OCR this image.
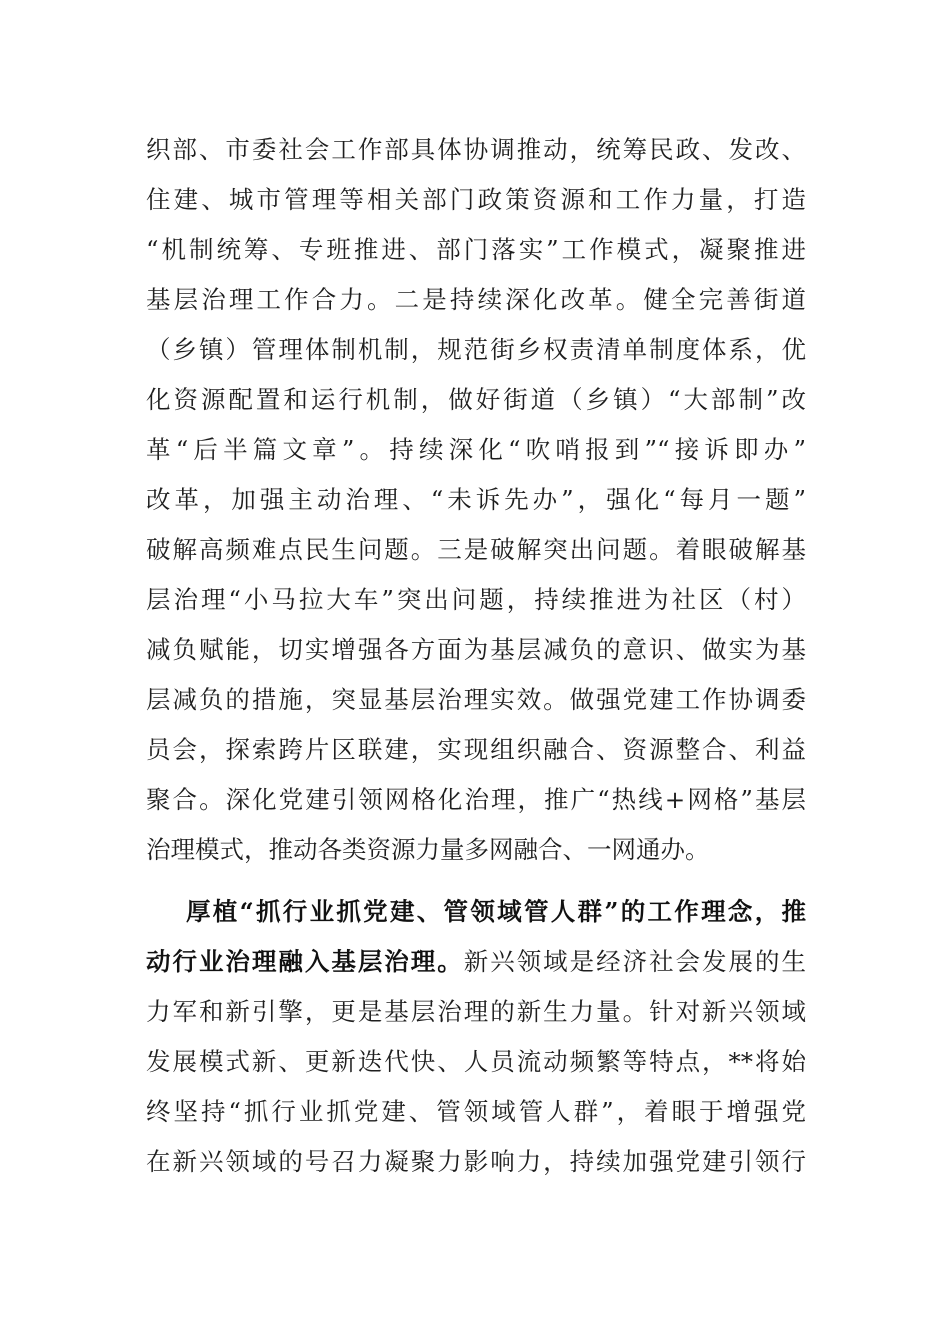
织部、市委社会工作部具体协调推动，统筹民政、发改、
住建、城市管理等相关部门政策资源和工作力量，打造
“机制统筹、专班推进、部门落实”工作模式，凝聚推进
基层治理工作合力。二是持续深化改革。健全完善街道
（乡镇）管理体制机制，规范街乡权责清单制度体系，优
化资源配置和运行机制，做好街道（乡镇）“大部制”改
革“后半篇文章”。持续深化“吹哨报到”“接诉即办”
改革，加强主动治理、“未诉先办”，强化“每月一题”
破解高频难点民生问题。三是破解突出问题。着眼破解基
层治理“小马拉大车”突出问题，持续推进为社区（村）
减负赋能，切实增强各方面为基层减负的意识、做实为基
层减负的措施，突显基层治理实效。做强党建工作协调委
员会，探索跨片区联建，实现组织融合、资源整合、利益
聚合。深化党建引领网格化治理，推广“热线+网格”基层
治理模式，推动各类资源力量多网融合、一网通办。
厚植“抓行业抓党建、管领域管人群”的工作理念，推
动行业治理融入基层治理。新兴领域是经济社会发展的生
力军和新引擎，更是基层治理的新生力量。针对新兴领域
发展模式新、更新迭代快、人员流动频繁等特点，**将始
终坚持“抓行业抓党建、管领域管人群”，着眼于增强党
在新兴领域的号召力凝聚力影响力，持续加强党建引领行
